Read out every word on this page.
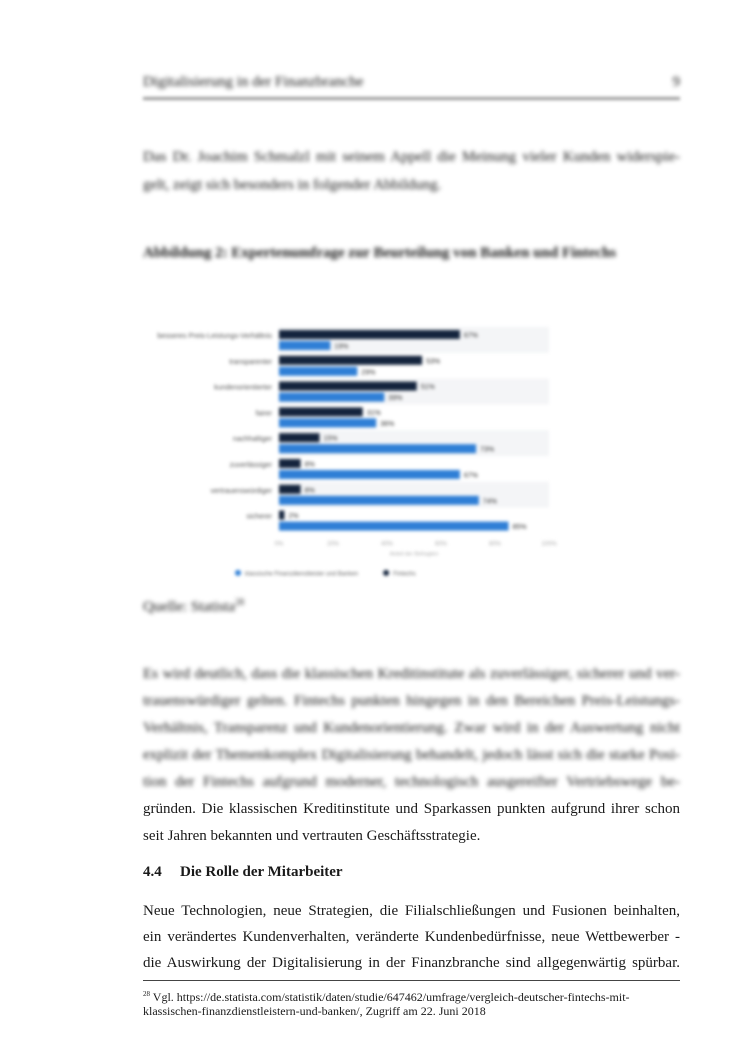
Digitalisierung in der Finanzbranche	9
Das Dr. Joachim Schmalzl mit seinem Appell die Meinung vieler Kunden widerspie-
gelt, zeigt sich besonders in folgender Abbildung.
Abbildung 2: Expertenumfrage zur Beurteilung von Banken und Fintechs
besseres Preis-Leistungs-Verhältnis	67%
19%
transparenter	53%
29%
kundenorientierter	51%
39%
fairer	31%
36%
nachhaltiger	15%
73%
zuverlässiger	8%
67%
vertrauenswürdiger	8%
74%
sicherer 2%
85%
0%	20%	40%	60%	80%	100%
Anteil der Befragten
klassische Finanzdienstleister und Banken	Fintechs
Quelle: Statista$^{28}$
Es wird deutlich, dass die klassischen Kreditinstitute als zuverlässiger, sicherer und ver-
trauenswürdiger gelten. Fintechs punkten hingegen in den Bereichen Preis-Leistungs-
Verhältnis, Transparenz und Kundenorientierung. Zwar wird in der Auswertung nicht
explizit der Themenkomplex Digitalisierung behandelt, jedoch lässt sich die starke Posi-
tion der Fintechs aufgrund moderner, technologisch ausgereifter Vertriebswege be-
gründen. Die klassischen Kreditinstitute und Sparkassen punkten aufgrund ihrer schon
seit Jahren bekannten und vertrauten Geschäftsstrategie.
4.4 Die Rolle der Mitarbeiter
Neue Technologien, neue Strategien, die Filialschließungen und Fusionen beinhalten,
ein verändertes Kundenverhalten, veränderte Kundenbedürfnisse, neue Wettbewerber -
die Auswirkung der Digitalisierung in der Finanzbranche sind allgegenwärtig spürbar.
$^{28}$ Vgl. https://de.statista.com/statistik/daten/studie/647462/umfrage/vergleich-deutscher-fintechs-mit-
klassischen-finanzdienstleistern-und-banken/, Zugriff am 22. Juni 2018
